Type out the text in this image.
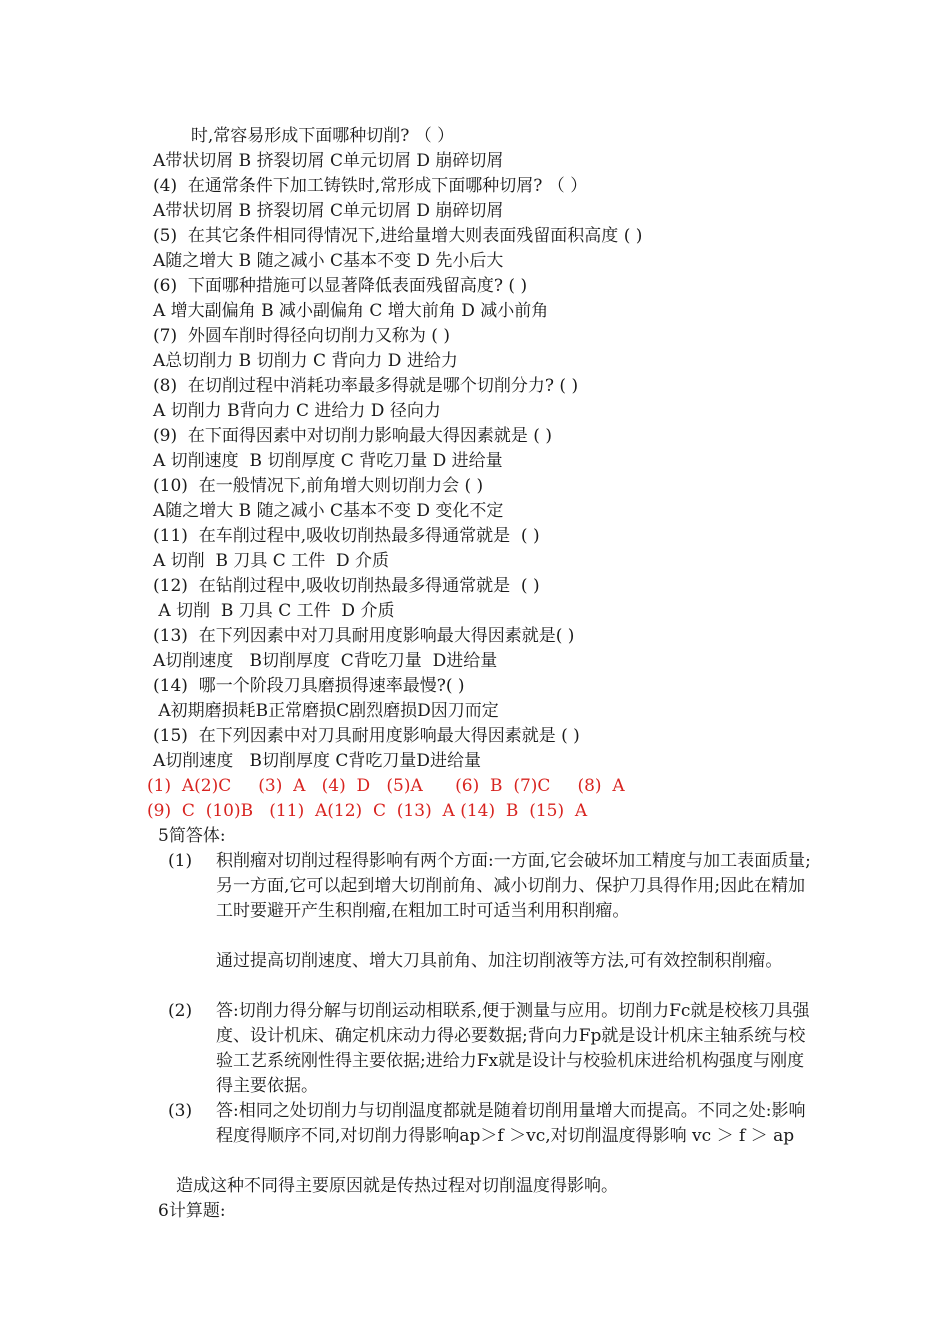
时,常容易形成下面哪种切削? （ ）
A带状切屑 B 挤裂切屑 C单元切屑 D 崩碎切屑
(4)  在通常条件下加工铸铁时,常形成下面哪种切屑? （ ）
A带状切屑 B 挤裂切屑 C单元切屑 D 崩碎切屑
(5)  在其它条件相同得情况下,进给量增大则表面残留面积高度 ( )
A随之增大 B 随之减小 C基本不变 D 先小后大
(6)  下面哪种措施可以显著降低表面残留高度? ( )
A 增大副偏角 B 减小副偏角 C 增大前角 D 减小前角
(7)  外圆车削时得径向切削力又称为 ( )
A总切削力 B 切削力 C 背向力 D 进给力
(8)  在切削过程中消耗功率最多得就是哪个切削分力? ( )
A 切削力 B背向力 C 进给力 D 径向力
(9)  在下面得因素中对切削力影响最大得因素就是 ( )
A 切削速度  B 切削厚度 C 背吃刀量 D 进给量
(10)  在一般情况下,前角增大则切削力会 ( )
A随之增大 B 随之减小 C基本不变 D 变化不定
(11)  在车削过程中,吸收切削热最多得通常就是  ( )
A 切削  B 刀具 C 工件  D 介质
(12)  在钻削过程中,吸收切削热最多得通常就是  ( )
A 切削  B 刀具 C 工件  D 介质
(13)  在下列因素中对刀具耐用度影响最大得因素就是( )
A切削速度   B切削厚度  C背吃刀量  D进给量
(14)  哪一个阶段刀具磨损得速率最慢?( )
A初期磨损耗B正常磨损C剧烈磨损D因刀而定
(15)  在下列因素中对刀具耐用度影响最大得因素就是 ( )
A切削速度   B切削厚度 C背吃刀量D进给量
(1)  A(2)C     (3)  A   (4)  D   (5)A      (6)  B  (7)C     (8)  A
(9)  C  (10)B   (11)  A(12)  C  (13)  A (14)  B  (15)  A
5简答体:
(1) 积削瘤对切削过程得影响有两个方面:一方面,它会破坏加工精度与加工表面质量;另一方面,它可以起到增大切削前角、减小切削力、保护刀具得作用;因此在精加工时要避开产生积削瘤,在粗加工时可适当利用积削瘤。
通过提高切削速度、增大刀具前角、加注切削液等方法,可有效控制积削瘤。
(2) 答:切削力得分解与切削运动相联系,便于测量与应用。切削力Fc就是校核刀具强度、设计机床、确定机床动力得必要数据;背向力Fp就是设计机床主轴系统与校验工艺系统刚性得主要依据;进给力Fx就是设计与校验机床进给机构强度与刚度得主要依据。
(3) 答:相同之处切削力与切削温度都就是随着切削用量增大而提高。不同之处:影响程度得顺序不同,对切削力得影响ap＞f ＞vc,对切削温度得影响 vc ＞ f ＞ ap
造成这种不同得主要原因就是传热过程对切削温度得影响。
6计算题:
